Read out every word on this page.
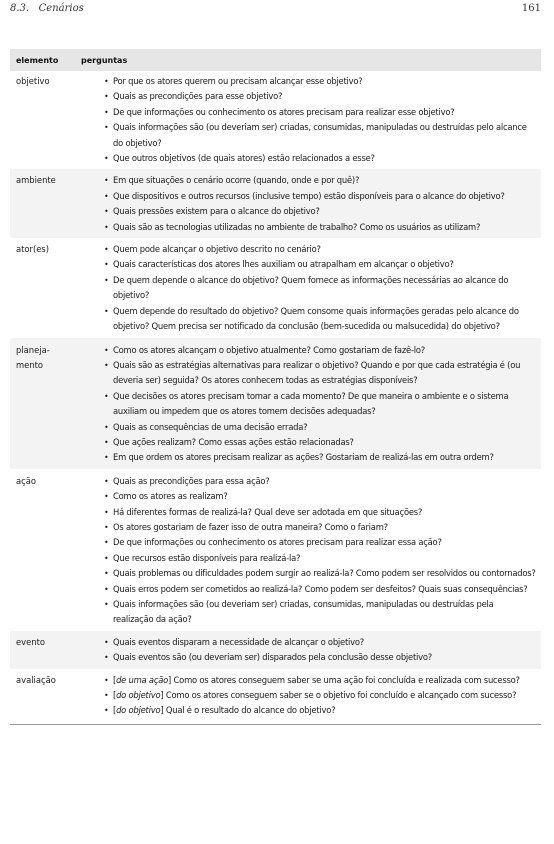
8.3.   Cenários	161
elemento	perguntas
objetivo	• Por que os atores querem ou precisam alcançar esse objetivo?
• Quais as precondições para esse objetivo?
• De que informações ou conhecimento os atores precisam para realizar esse objetivo?
• Quais informações são (ou deveriam ser) criadas, consumidas, manipuladas ou destruídas pelo alcance do objetivo?
• Que outros objetivos (de quais atores) estão relacionados a esse?
ambiente	• Em que situações o cenário ocorre (quando, onde e por quê)?
• Que dispositivos e outros recursos (inclusive tempo) estão disponíveis para o alcance do objetivo?
• Quais pressões existem para o alcance do objetivo?
• Quais são as tecnologias utilizadas no ambiente de trabalho? Como os usuários as utilizam?
ator(es)	• Quem pode alcançar o objetivo descrito no cenário?
• Quais características dos atores lhes auxiliam ou atrapalham em alcançar o objetivo?
• De quem depende o alcance do objetivo? Quem fornece as informações necessárias ao alcance do objetivo?
• Quem depende do resultado do objetivo? Quem consome quais informações geradas pelo alcance do objetivo? Quem precisa ser notificado da conclusão (bem-sucedida ou malsucedida) do objetivo?
planeja-
mento
• Como os atores alcançam o objetivo atualmente? Como gostariam de fazê-lo?
• Quais são as estratégias alternativas para realizar o objetivo? Quando e por que cada estratégia é (ou deveria ser) seguida? Os atores conhecem todas as estratégias disponíveis?
• Que decisões os atores precisam tomar a cada momento? De que maneira o ambiente e o sistema auxiliam ou impedem que os atores tomem decisões adequadas?
• Quais as consequências de uma decisão errada?
• Que ações realizam? Como essas ações estão relacionadas?
• Em que ordem os atores precisam realizar as ações? Gostariam de realizá-las em outra ordem?
ação	• Quais as precondições para essa ação?
• Como os atores as realizam?
• Há diferentes formas de realizá-la? Qual deve ser adotada em que situações?
• Os atores gostariam de fazer isso de outra maneira? Como o fariam?
• De que informações ou conhecimento os atores precisam para realizar essa ação?
• Que recursos estão disponíveis para realizá-la?
• Quais problemas ou dificuldades podem surgir ao realizá-la? Como podem ser resolvidos ou contornados?
• Quais erros podem ser cometidos ao realizá-la? Como podem ser desfeitos? Quais suas consequências?
• Quais informações são (ou deveriam ser) criadas, consumidas, manipuladas ou destruídas pela realização da ação?
evento	• Quais eventos disparam a necessidade de alcançar o objetivo?
• Quais eventos são (ou deveriam ser) disparados pela conclusão desse objetivo?
avaliação	• [de uma ação] Como os atores conseguem saber se uma ação foi concluída e realizada com sucesso?
• [do objetivo] Como os atores conseguem saber se o objetivo foi concluído e alcançado com sucesso?
• [do objetivo] Qual é o resultado do alcance do objetivo?
